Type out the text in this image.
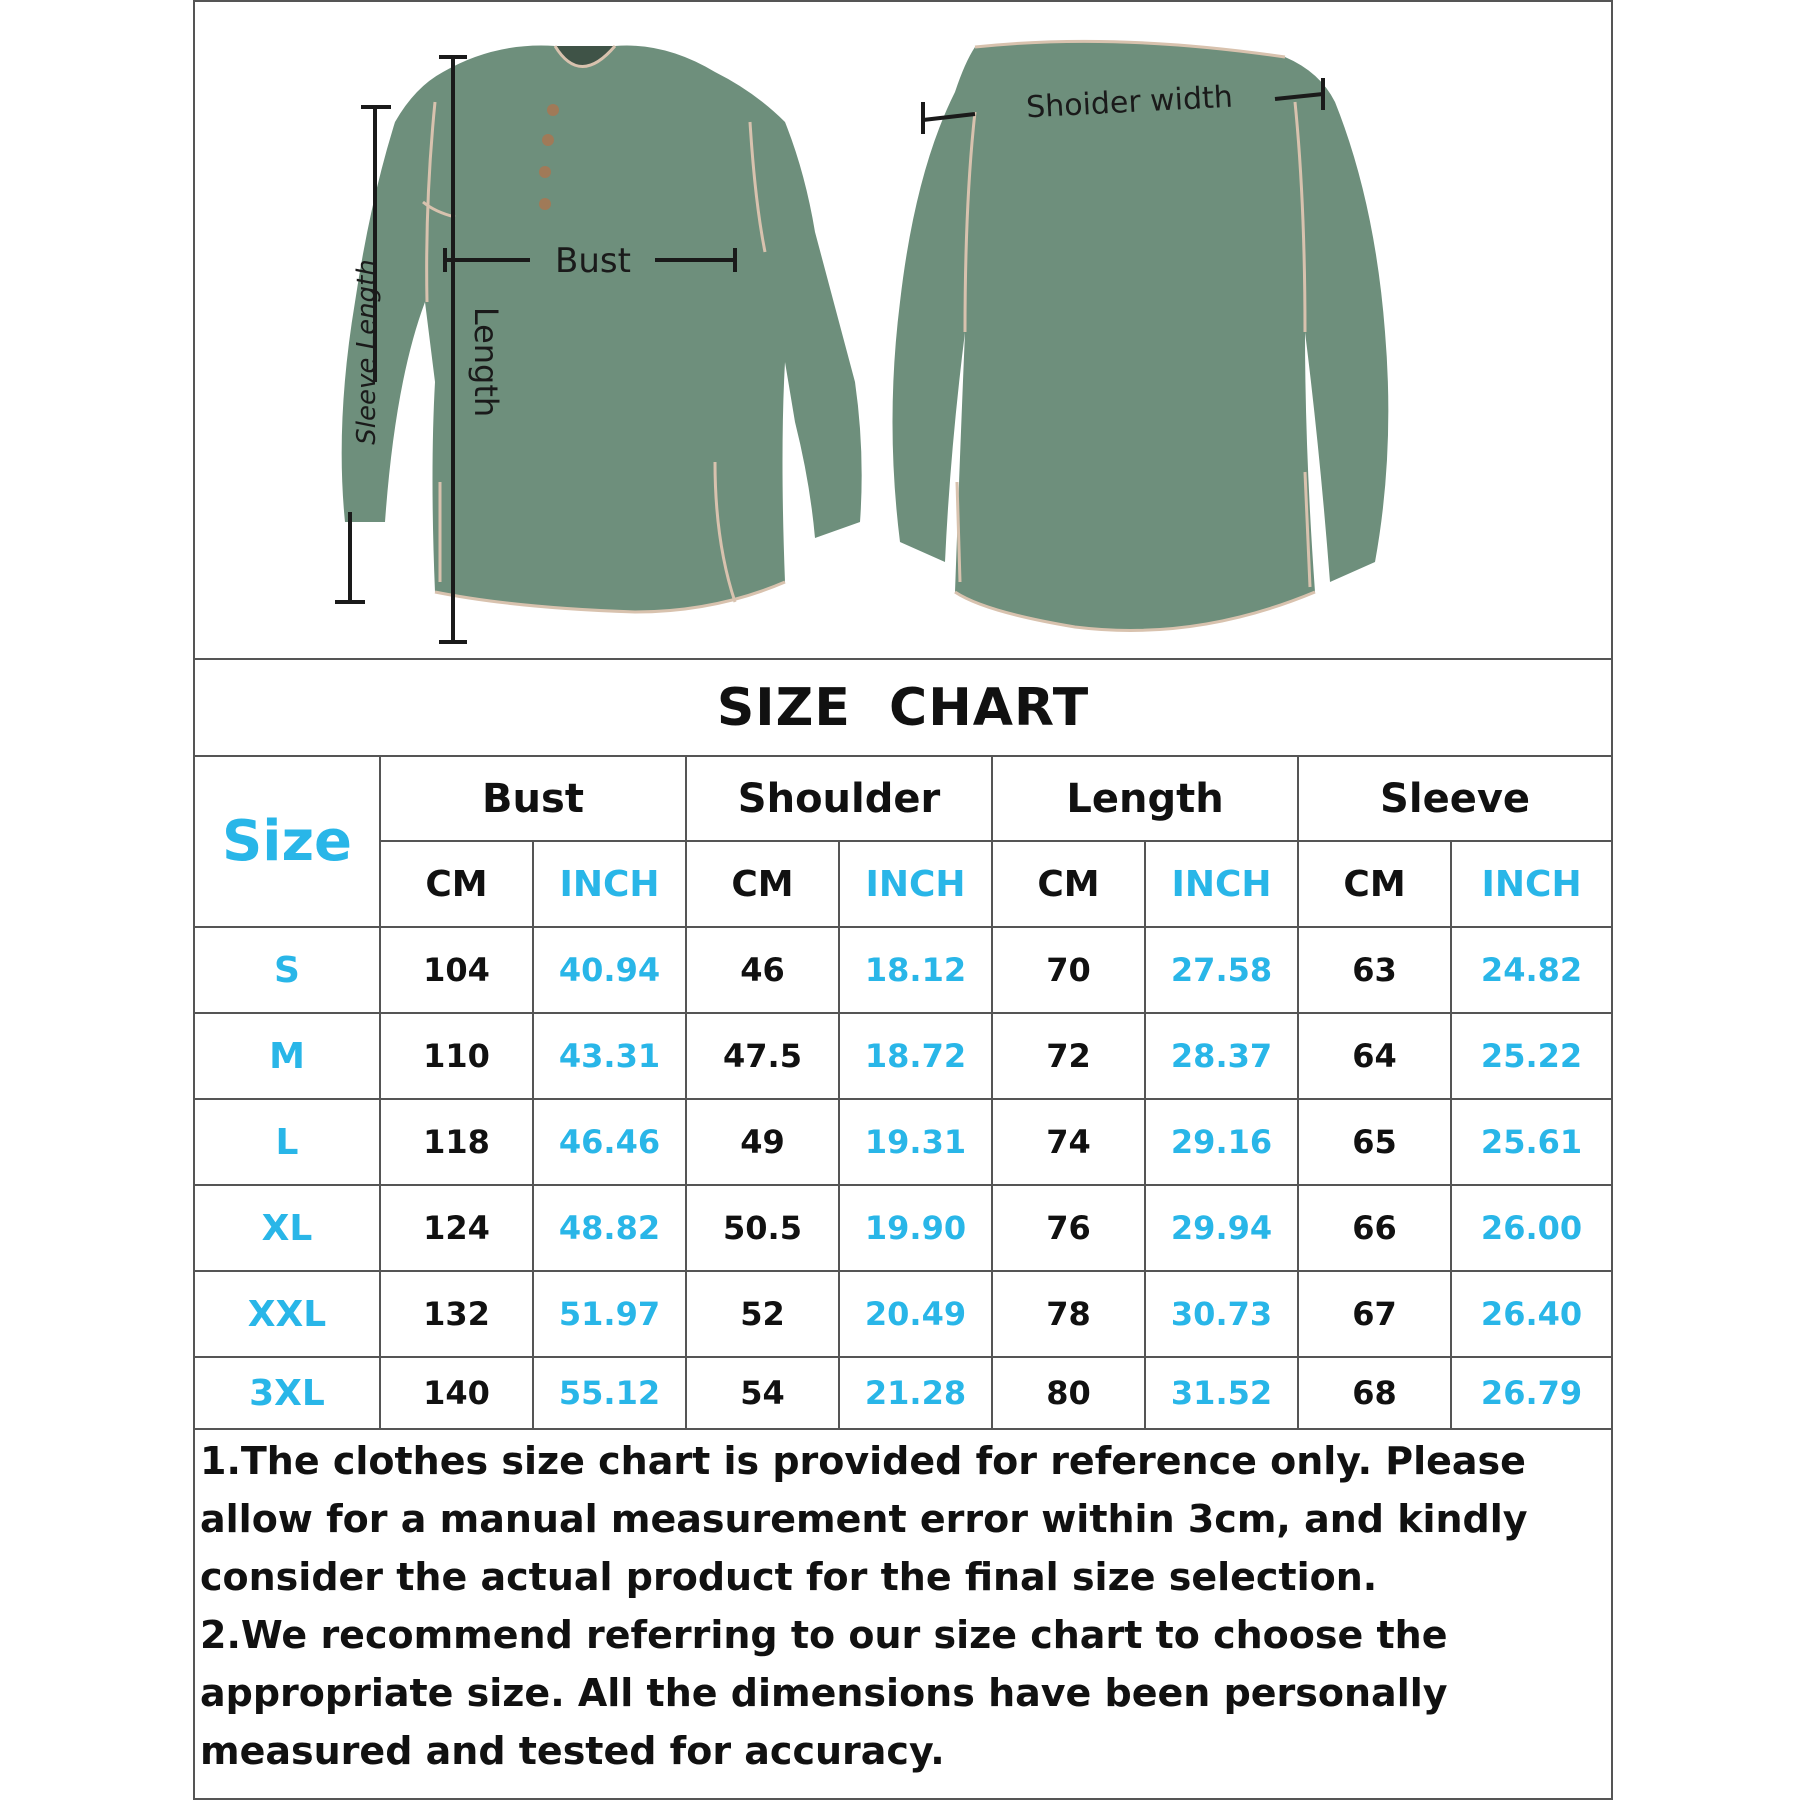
Bust
Length
Sleeve Length
Shoider width
SIZE  CHART
Size	Bust		Shoulder		Length		Sleeve	
	CM	INCH	CM	INCH	CM	INCH	CM	INCH
S	104	40.94	46	18.12	70	27.58	63	24.82
M	110	43.31	47.5	18.72	72	28.37	64	25.22
L	118	46.46	49	19.31	74	29.16	65	25.61
XL	124	48.82	50.5	19.90	76	29.94	66	26.00
XXL	132	51.97	52	20.49	78	30.73	67	26.40
3XL	140	55.12	54	21.28	80	31.52	68	26.79

1.The clothes size chart is provided for reference only. Please allow for a manual measurement error within 3cm, and kindly consider the actual product for the final size selection.

2.We recommend referring to our size chart to choose the appropriate size. All the dimensions have been personally measured and tested for accuracy.
